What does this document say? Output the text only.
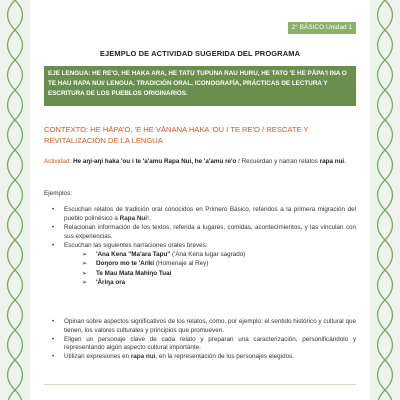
2° BÁSICO Unidad 1
EJEMPLO DE ACTIVIDAD SUGERIDA DEL PROGRAMA
EJE LENGUA: HE RE'O, HE HAKA ARA, HE TATU TUPUNA RAU HURU, HE TATO 'E HE PĀPA'I INA O TE HAU RAPA NUI/ LENGUA, TRADICIÓN ORAL, ICONOGRAFÍA, PRÁCTICAS DE LECTURA Y ESCRITURA DE LOS PUEBLOS ORIGINARIOS.
CONTEXTO: HE HĀPA'O, 'E HE VĀNANA HAKA 'OU I TE RE'O / RESCATE Y REVITALIZACIÓN DE LA LENGUA
Actividad: He aŋi-aŋi haka 'ou i te 'a'amu Rapa Nui, he 'a'amu re'o / Recuerdan y narran relatos rapa nui.
Ejemplos:
• Escuchan relatos de tradición oral conocidos en Primero Básico, referidos a la primera migración del pueblo polinésico a Rapa Nui¹.
• Relacionan información de los textos, referida a lugares, comidas, acontecimientos, y las vinculan con sus experiencias.
• Escuchan las siguientes narraciones orales breves:
➢ 'Ana Kena "Ma'ara Tapu" ('Ana Kena lugar sagrado)
➢ Ŋoŋoro mo te 'Ariki (Homenaje al Rey)
➢ Te Mau Mata Mahiŋo Tuai
➢ 'Āriŋa ora
• Opinan sobre aspectos significativos de los relatos, como, por ejemplo: el sentido histórico y cultural que tienen, los valores culturales y principios que promueven.
• Eligen un personaje clave de cada relato y preparan una caracterización, personificándolo y representando algún aspecto cultural importante.
• Utilizan expresiones en rapa nui, en la representación de los personajes elegidos.
